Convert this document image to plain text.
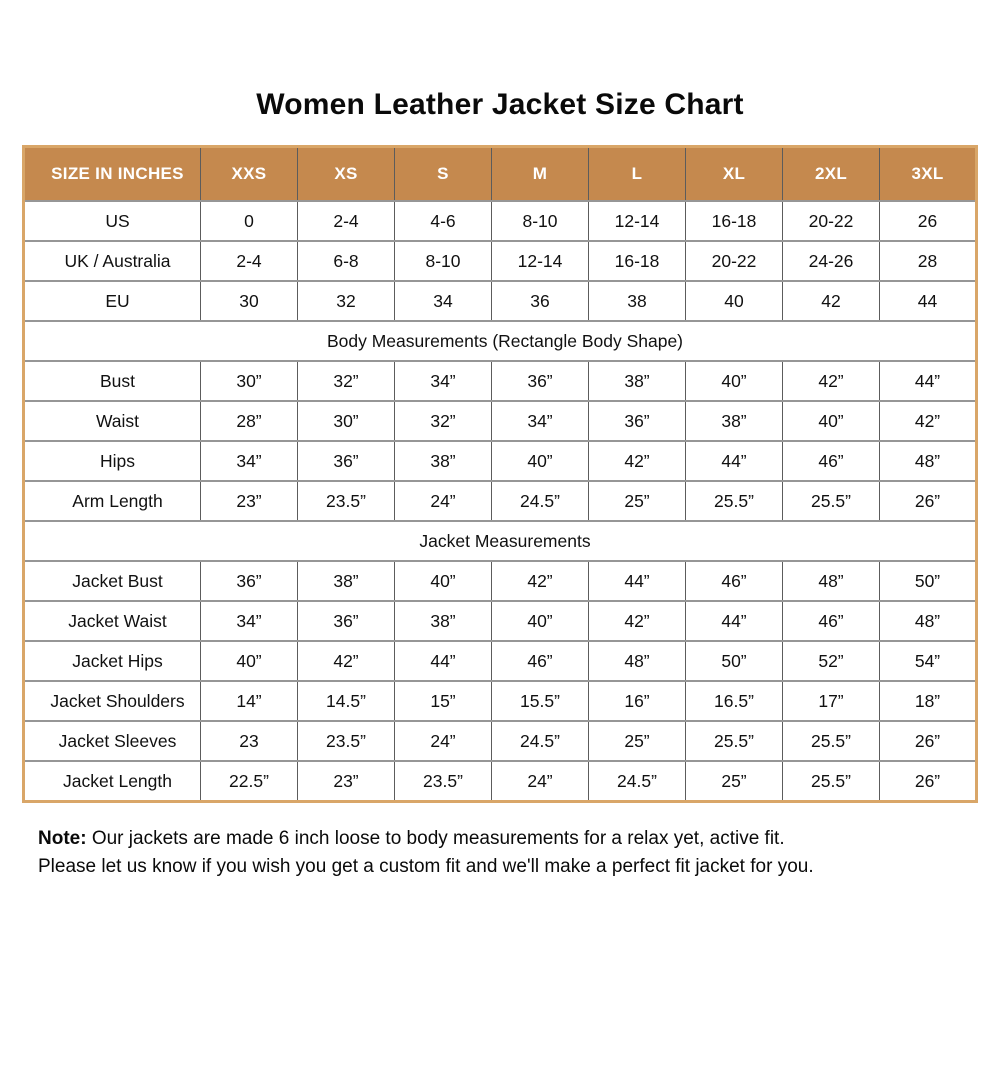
Women Leather Jacket Size Chart
SIZE IN INCHES	XXS	XS	S	M	L	XL	2XL	3XL
US	0	2-4	4-6	8-10	12-14	16-18	20-22	26
UK / Australia	2-4	6-8	8-10	12-14	16-18	20-22	24-26	28
EU	30	32	34	36	38	40	42	44
Body Measurements (Rectangle Body Shape)								
Bust	30”	32”	34”	36”	38”	40”	42”	44”
Waist	28”	30”	32”	34”	36”	38”	40”	42”
Hips	34”	36”	38”	40”	42”	44”	46”	48”
Arm Length	23”	23.5”	24”	24.5”	25”	25.5”	25.5”	26”
Jacket Measurements								
Jacket Bust	36”	38”	40”	42”	44”	46”	48”	50”
Jacket Waist	34”	36”	38”	40”	42”	44”	46”	48”
Jacket Hips	40”	42”	44”	46”	48”	50”	52”	54”
Jacket Shoulders	14”	14.5”	15”	15.5”	16”	16.5”	17”	18”
Jacket Sleeves	23	23.5”	24”	24.5”	25”	25.5”	25.5”	26”
Jacket Length	22.5”	23”	23.5”	24”	24.5”	25”	25.5”	26”

Note: Our jackets are made 6 inch loose to body measurements for a relax yet, active fit.
Please let us know if you wish you get a custom fit and we'll make a perfect fit jacket for you.
